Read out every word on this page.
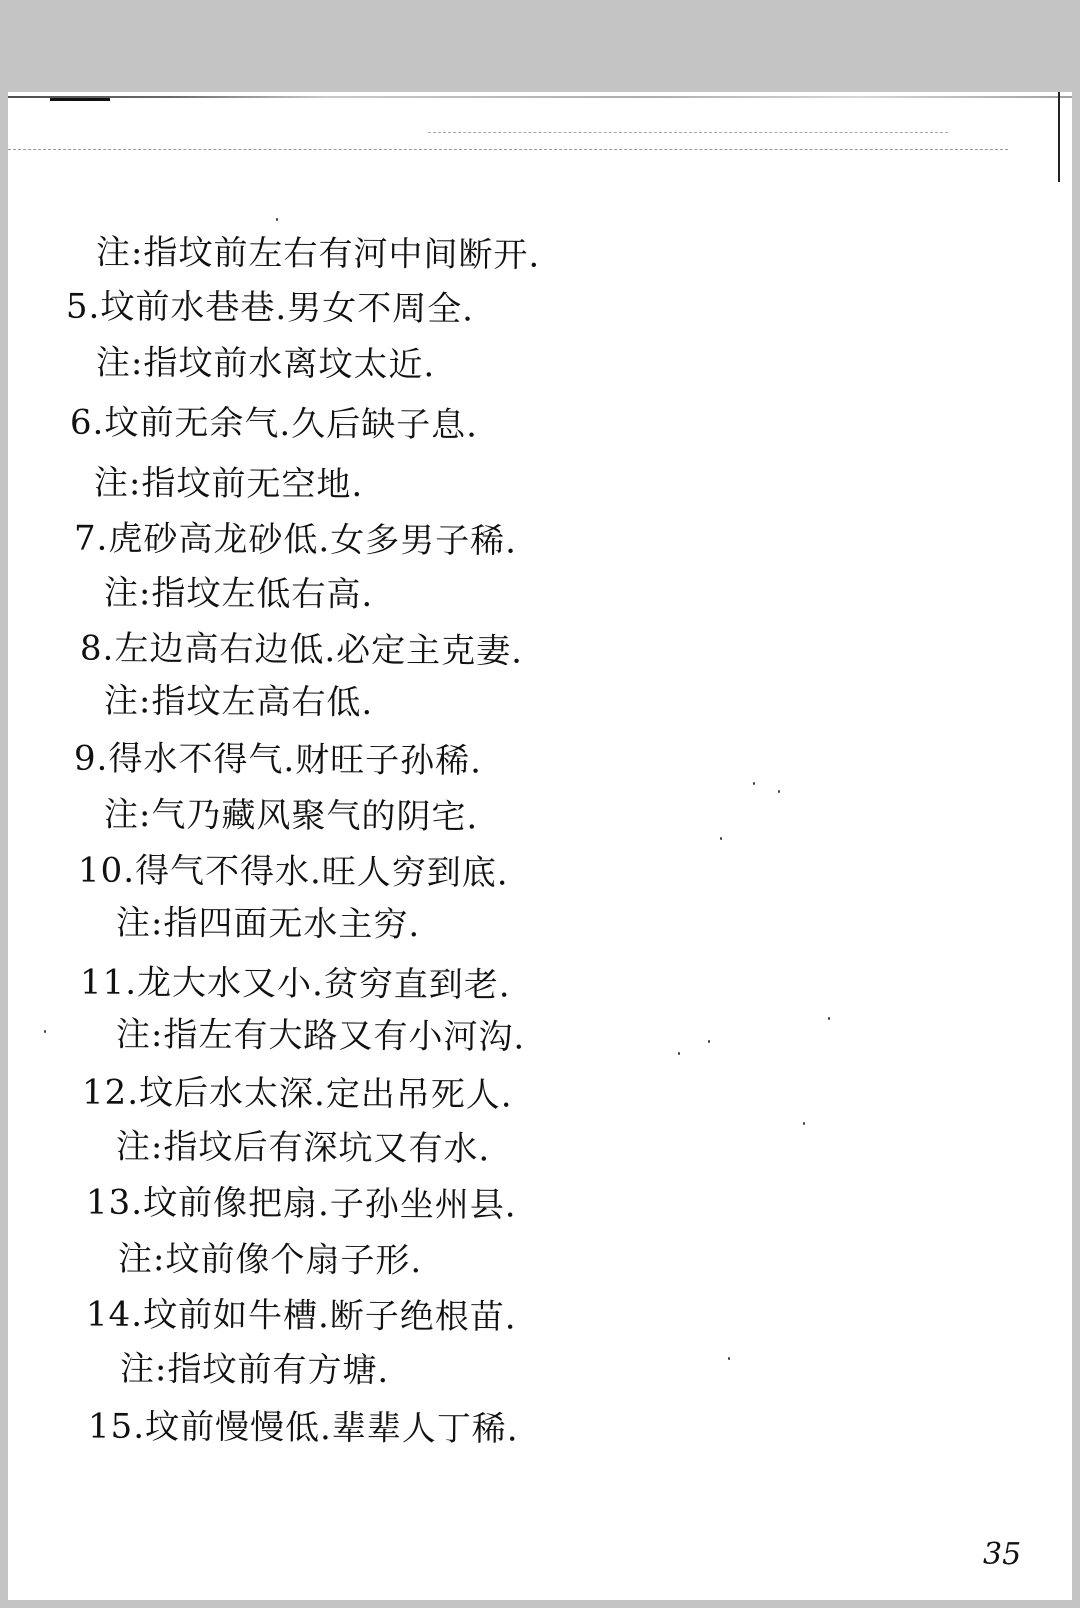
注:指坟前左右有河中间断开.
5.坟前水巷巷.男女不周全.
注:指坟前水离坟太近.
6.坟前无余气.久后缺子息.
注:指坟前无空地.
7.虎砂高龙砂低.女多男子稀.
注:指坟左低右高.
8.左边高右边低.必定主克妻.
注:指坟左高右低.
9.得水不得气.财旺子孙稀.
注:气乃藏风聚气的阴宅.
10.得气不得水.旺人穷到底.
注:指四面无水主穷.
11.龙大水又小.贫穷直到老.
注:指左有大路又有小河沟.
12.坟后水太深.定出吊死人.
注:指坟后有深坑又有水.
13.坟前像把扇.子孙坐州县.
注:坟前像个扇子形.
14.坟前如牛槽.断子绝根苗.
注:指坟前有方塘.
15.坟前慢慢低.辈辈人丁稀.
35
